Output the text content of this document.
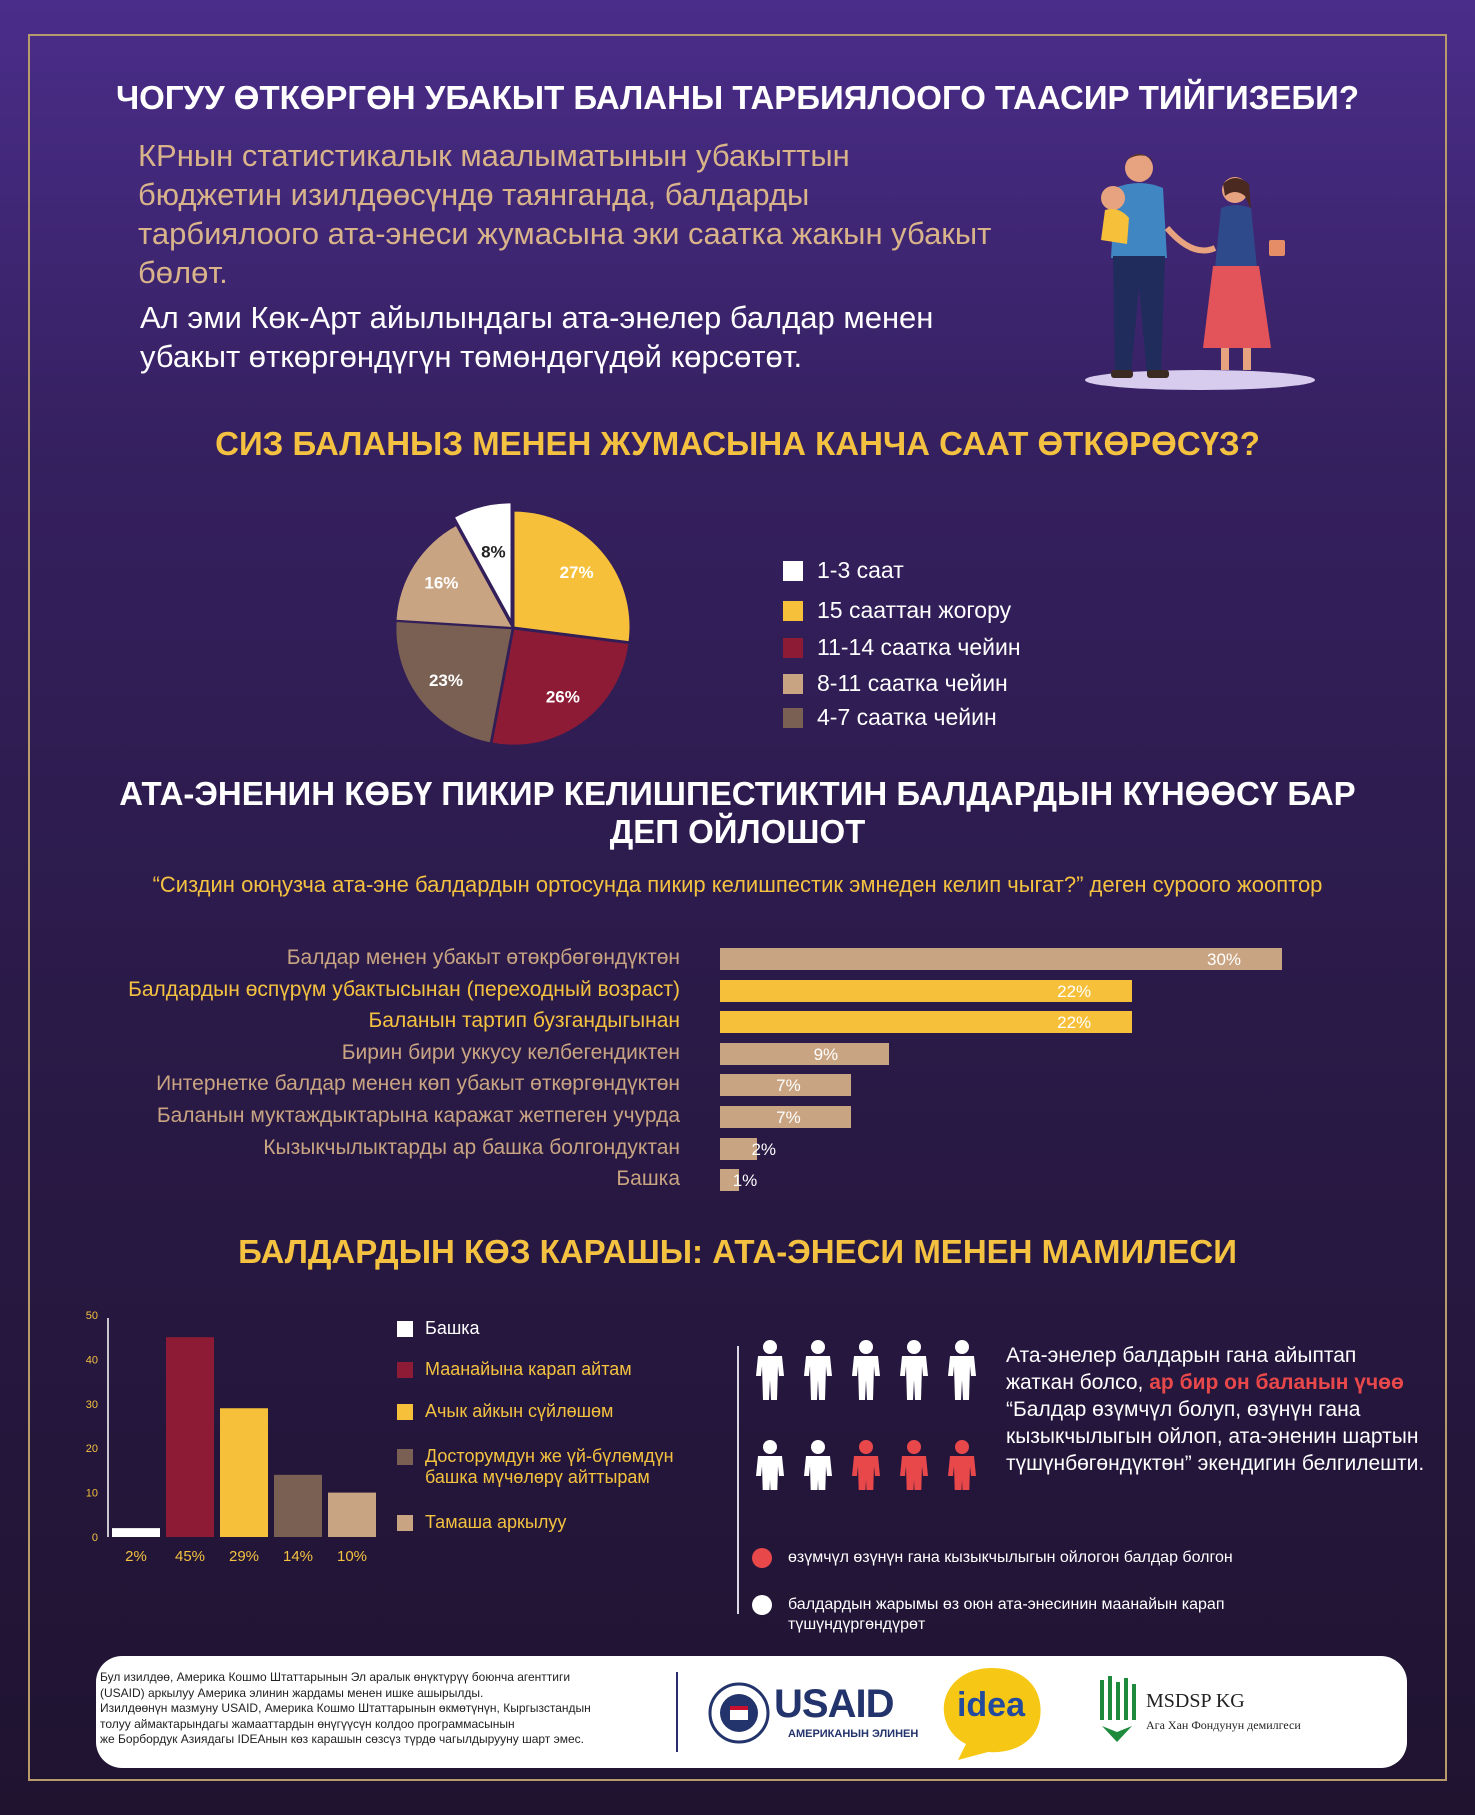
ЧОГУУ ӨТКӨРГӨН УБАКЫТ БАЛАНЫ ТАРБИЯЛООГО ТААСИР ТИЙГИЗЕБИ?
КРнын статистикалык маалыматынын убакыттын бюджетин изилдөөсүндө таянганда, балдарды тарбиялоого ата-энеси жумасына эки саатка жакын убакыт бөлөт.
Ал эми Көк-Арт айылындагы ата-энелер балдар менен убакыт өткөргөндүгүн төмөндөгүдөй көрсөтөт.
СИЗ БАЛАНЫЗ МЕНЕН ЖУМАСЫНА КАНЧА СААТ ӨТКӨРӨСҮЗ?
8%
27%
26%
23%
16%
1-3 саат
15 сааттан жогору
11-14 саатка чейин
8-11 саатка чейин
4-7 саатка чейин
АТА-ЭНЕНИН КӨБҮ ПИКИР КЕЛИШПЕСТИКТИН БАЛДАРДЫН КҮНӨӨСҮ БАР
ДЕП ОЙЛОШОТ
“Сиздин оюңузча ата-эне балдардын ортосунда пикир келишпестик эмнеден келип чыгат?” деген суроого жооптор
Балдар менен убакыт өтөкрбөгөндүктөн	30%
Балдардын өспүрүм убактысынан (переходный возраст)	22%
Баланын тартип бузгандыгынан	22%
Бирин бири уккусу келбегендиктен	9%
Интернетке балдар менен көп убакыт өткөргөндүктөн	7%
Баланын муктаждыктарына каражат жетпеген учурда	7%
Кызыкчылыктарды ар башка болгондуктан	2%
Башка	1%
БАЛДАРДЫН КӨЗ КАРАШЫ: АТА-ЭНЕСИ МЕНЕН МАМИЛЕСИ
0
10
20
30
40
50
2% 45% 29% 14% 10%
Башка
Маанайына карап айтам
Ачык айкын сүйлөшөм
Досторумдун же үй-бүлөмдүн башка мүчөлөрү айттырам
Тамаша аркылуу
Ата-энелер балдарын гана айыптап жаткан болсо, ар бир он баланын үчөө “Балдар өзүмчүл болуп, өзүнүн гана кызыкчылыгын ойлоп, ата-эненин шартын түшүнбөгөндүктөн” экендигин белгилешти.
өзүмчүл өзүнүн гана кызыкчылыгын ойлогон балдар болгон
балдардын жарымы өз оюн ата-энесинин маанайын карап түшүндүргөндүрөт
Бул изилдөө, Америка Кошмо Штаттарынын Эл аралык өнүктүрүү боюнча агенттиги
(USAID) аркылуу Америка элинин жардамы менен ишке ашырылды.
Изилдөөнүн мазмуну USAID, Америка Кошмо Штаттарынын өкмөтүнүн, Кыргызстандын
толуу аймактарындагы жамааттардын өнүгүүсүн колдоо программасынын
же Борбордук Азиядагы IDEAнын көз карашын сөзсүз түрдө чагылдырууну шарт эмес.
USAID
АМЕРИКАНЫН ЭЛИНЕН
idea	MSDSP KG
Ага Хан Фондунун демилгеси
